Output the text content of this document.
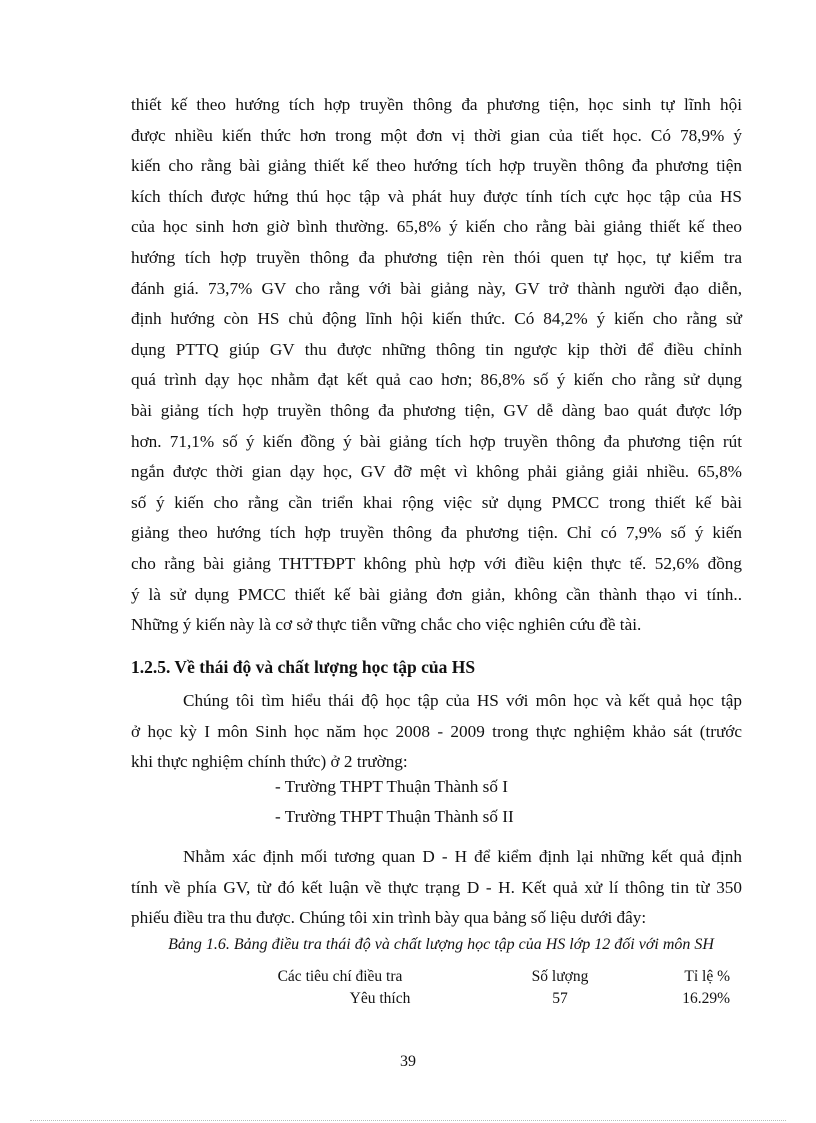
thiết kế theo hướng tích hợp truyền thông đa phương tiện, học sinh tự lĩnh hội
được nhiều kiến thức hơn trong một đơn vị thời gian của tiết học. Có 78,9% ý
kiến cho rằng bài giảng thiết kế theo hướng tích hợp truyền thông đa phương tiện
kích thích được hứng thú học tập và phát huy được tính tích cực học tập của HS
của học sinh hơn giờ bình thường. 65,8% ý kiến cho rằng bài giảng thiết kế theo
hướng tích hợp truyền thông đa phương tiện rèn thói quen tự học, tự kiểm tra
đánh giá. 73,7% GV cho rằng với bài giảng này, GV trở thành người đạo diễn,
định hướng còn HS chủ động lĩnh hội kiến thức. Có 84,2% ý kiến cho rằng sử
dụng PTTQ giúp GV thu được những thông tin ngược kịp thời để điều chỉnh
quá trình dạy học nhằm đạt kết quả cao hơn; 86,8% số ý kiến cho rằng sử dụng
bài giảng tích hợp truyền thông đa phương tiện, GV dễ dàng bao quát được lớp
hơn. 71,1% số ý kiến đồng ý bài giảng tích hợp truyền thông đa phương tiện rút
ngắn được thời gian dạy học, GV đỡ mệt vì không phải giảng giải nhiều. 65,8%
số ý kiến cho rằng cần triển khai rộng việc sử dụng PMCC trong thiết kế bài
giảng theo hướng tích hợp truyền thông đa phương tiện. Chỉ có 7,9% số ý kiến
cho rằng bài giảng THTTĐPT không phù hợp với điều kiện thực tế. 52,6% đồng
ý là sử dụng PMCC thiết kế bài giảng đơn giản, không cần thành thạo vi tính..
Những ý kiến này là cơ sở thực tiễn vững chắc cho việc nghiên cứu đề tài.
1.2.5. Về thái độ và chất lượng học tập của HS
Chúng tôi tìm hiểu thái độ học tập của HS với môn học và kết quả học tập
ở học kỳ I môn Sinh học năm học 2008 - 2009 trong thực nghiệm khảo sát (trước
khi thực nghiệm chính thức) ở 2 trường:
- Trường THPT Thuận Thành số I
- Trường THPT Thuận Thành số II
Nhằm xác định mối tương quan D - H để kiểm định lại những kết quả định
tính về phía GV, từ đó kết luận về thực trạng D - H. Kết quả xử lí thông tin từ 350
phiếu điều tra thu được. Chúng tôi xin trình bày qua bảng số liệu dưới đây:
Bảng 1.6. Bảng điều tra thái độ và chất lượng học tập của HS lớp 12 đối với môn SH
Các tiêu chí điều tra	Số lượng	Tỉ lệ %
Yêu thích	57	16.29%
39
